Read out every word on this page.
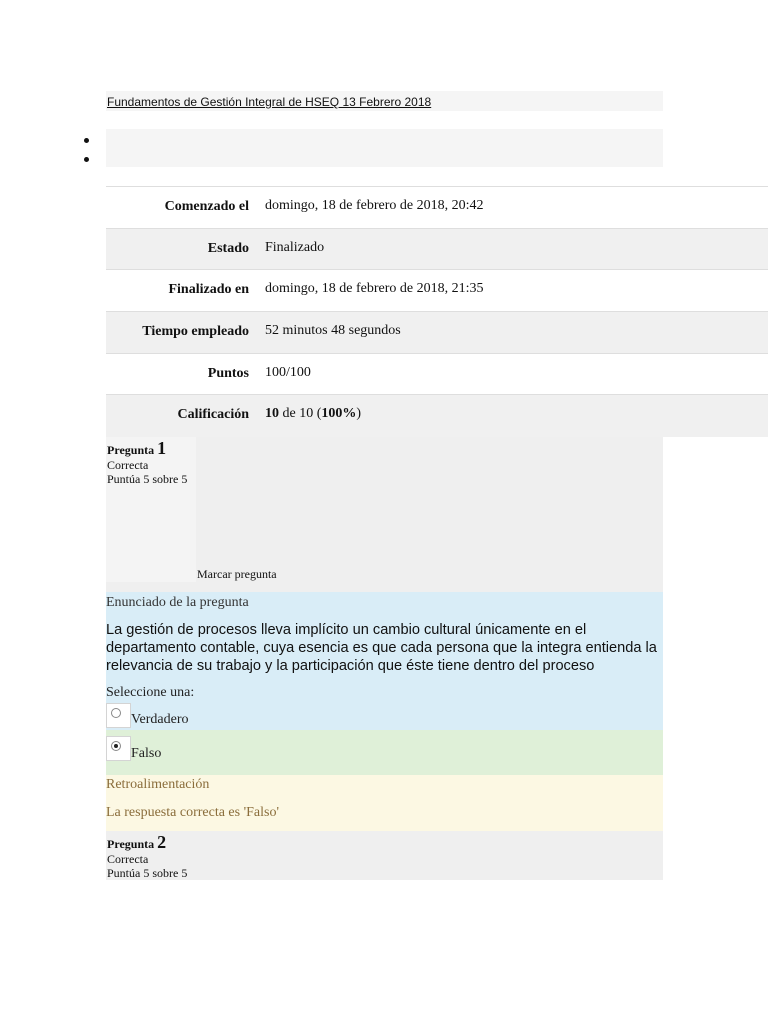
Fundamentos de Gestión Integral de HSEQ 13 Febrero 2018
Comenzado el	domingo, 18 de febrero de 2018, 20:42
Estado	Finalizado
Finalizado en	domingo, 18 de febrero de 2018, 21:35
Tiempo empleado	52 minutos 48 segundos
Puntos	100/100
Calificación	10 de 10 (100%)
Pregunta 1
Correcta
Puntúa 5 sobre 5
Marcar pregunta
Enunciado de la pregunta
La gestión de procesos lleva implícito un cambio cultural únicamente en el departamento contable, cuya esencia es que cada persona que la integra entienda la relevancia de su trabajo y la participación que éste tiene dentro del proceso
Seleccione una:
Verdadero
Falso
Retroalimentación
La respuesta correcta es 'Falso'
Pregunta 2
Correcta
Puntúa 5 sobre 5
